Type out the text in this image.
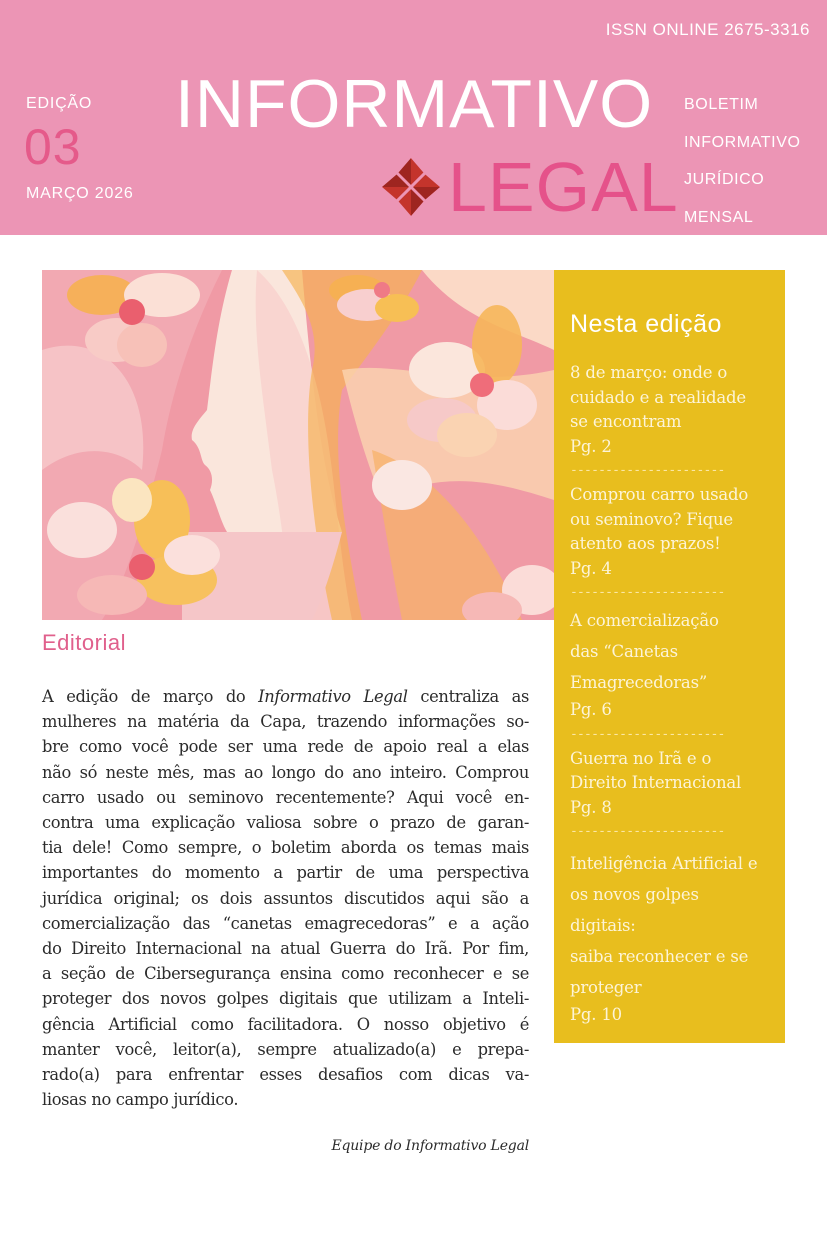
ISSN ONLINE 2675-3316
EDIÇÃO
03
MARÇO 2026
INFORMATIVO
LEGAL
BOLETIM
INFORMATIVO
JURÍDICO
MENSAL
Nesta edição
8 de março: onde o
cuidado e a realidade
se encontram
Pg. 2
----------------------
Comprou carro usado
ou seminovo? Fique
atento aos prazos!
Pg. 4
----------------------
A comercialização
das “Canetas
Emagrecedoras”
Pg. 6
----------------------
Guerra no Irã e o
Direito Internacional
Pg. 8
----------------------
Inteligência Artificial e
os novos golpes digitais:
saiba reconhecer e se
proteger
Pg. 10
Editorial
A edição de março do Informativo Legal centraliza as
mulheres na matéria da Capa, trazendo informações so-
bre como você pode ser uma rede de apoio real a elas
não só neste mês, mas ao longo do ano inteiro. Comprou
carro usado ou seminovo recentemente? Aqui você en-
contra uma explicação valiosa sobre o prazo de garan-
tia dele! Como sempre, o boletim aborda os temas mais
importantes do momento a partir de uma perspectiva
jurídica original; os dois assuntos discutidos aqui são a
comercialização das “canetas emagrecedoras” e a ação
do Direito Internacional na atual Guerra do Irã. Por fim,
a seção de Cibersegurança ensina como reconhecer e se
proteger dos novos golpes digitais que utilizam a Inteli-
gência Artificial como facilitadora. O nosso objetivo é
manter você, leitor(a), sempre atualizado(a) e prepa-
rado(a) para enfrentar esses desafios com dicas va-
liosas no campo jurídico.
Equipe do Informativo Legal
